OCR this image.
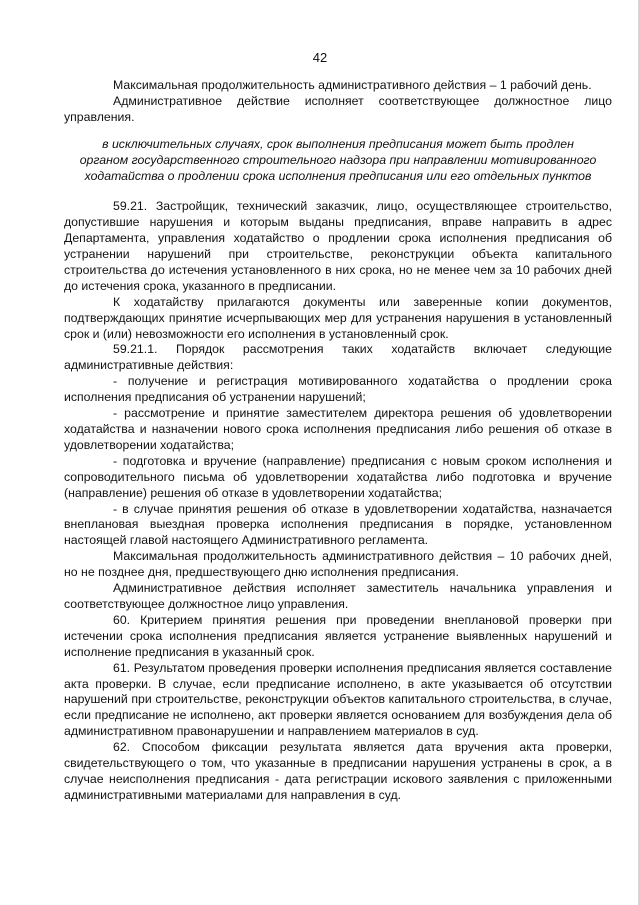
42

Максимальная продолжительность административного действия – 1 рабочий день.

Административное действие исполняет соответствующее должностное лицо управления.

в исключительных случаях, срок выполнения предписания может быть продлен органом государственного строительного надзора при направлении мотивированного ходатайства о продлении срока исполнения предписания или его отдельных пунктов

59.21. Застройщик, технический заказчик, лицо, осуществляющее строительство, допустившие нарушения и которым выданы предписания, вправе направить в адрес Департамента, управления ходатайство о продлении срока исполнения предписания об устранении нарушений при строительстве, реконструкции объекта капитального строительства до истечения установленного в них срока, но не менее чем за 10 рабочих дней до истечения срока, указанного в предписании.

К ходатайству прилагаются документы или заверенные копии документов, подтверждающих принятие исчерпывающих мер для устранения нарушения в установленный срок и (или) невозможности его исполнения в установленный срок.

59.21.1. Порядок рассмотрения таких ходатайств включает следующие административные действия:

- получение и регистрация мотивированного ходатайства о продлении срока исполнения предписания об устранении нарушений;

- рассмотрение и принятие заместителем директора решения об удовлетворении ходатайства и назначении нового срока исполнения предписания либо решения об отказе в удовлетворении ходатайства;

- подготовка и вручение (направление) предписания с новым сроком исполнения и сопроводительного письма об удовлетворении ходатайства либо подготовка и вручение (направление) решения об отказе в удовлетворении ходатайства;

- в случае принятия решения об отказе в удовлетворении ходатайства, назначается внеплановая выездная проверка исполнения предписания в порядке, установленном настоящей главой настоящего Административного регламента.

Максимальная продолжительность административного действия – 10 рабочих дней, но не позднее дня, предшествующего дню исполнения предписания.

Административное действия исполняет заместитель начальника управления и соответствующее должностное лицо управления.

60. Критерием принятия решения при проведении внеплановой проверки при истечении срока исполнения предписания является устранение выявленных нарушений и исполнение предписания в указанный срок.

61. Результатом проведения проверки исполнения предписания является составление акта проверки. В случае, если предписание исполнено, в акте указывается об отсутствии нарушений при строительстве, реконструкции объектов капитального строительства, в случае, если предписание не исполнено, акт проверки является основанием для возбуждения дела об административном правонарушении и направлением материалов в суд.

62. Способом фиксации результата является дата вручения акта проверки, свидетельствующего о том, что указанные в предписании нарушения устранены в срок, а в случае неисполнения предписания - дата регистрации искового заявления с приложенными административными материалами для направления в суд.
